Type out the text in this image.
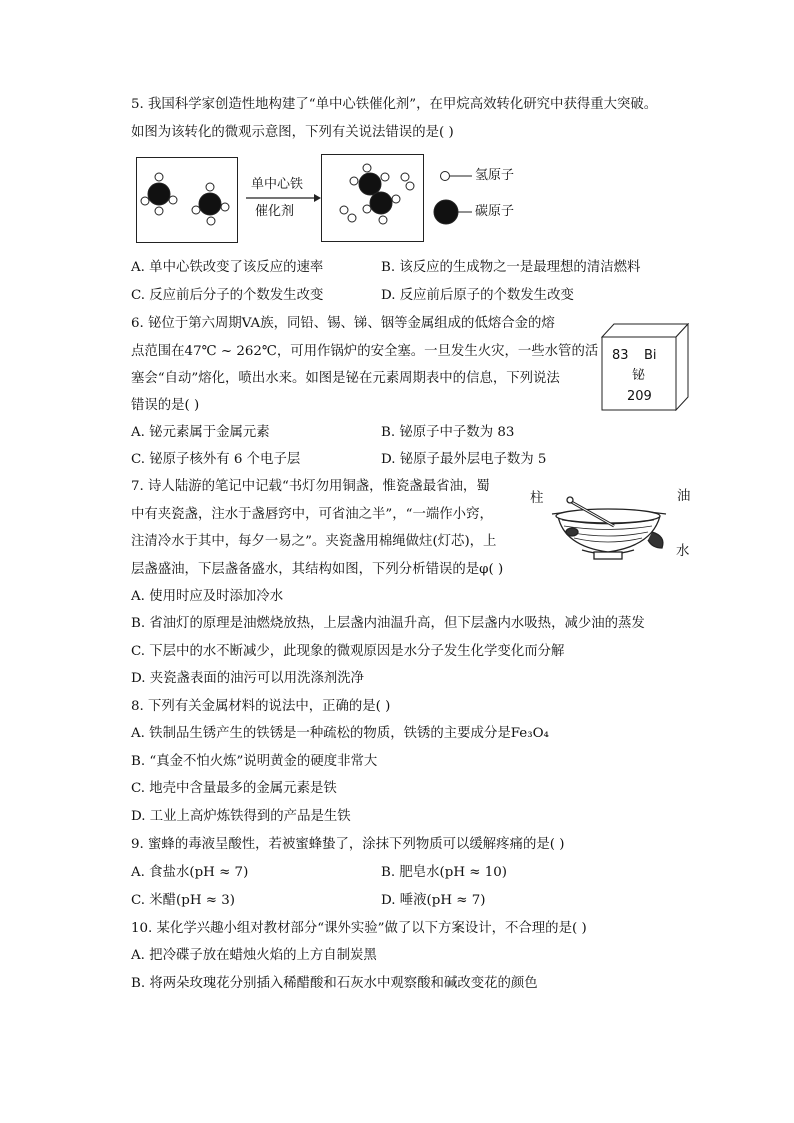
5. 我国科学家创造性地构建了“单中心铁催化剂”，在甲烷高效转化研究中获得重大突破。
如图为该转化的微观示意图，下列有关说法错误的是( )
单中心铁
催化剂
氢原子
碳原子
A. 单中心铁改变了该反应的速率	B. 该反应的生成物之一是最理想的清洁燃料
C. 反应前后分子的个数发生改变	D. 反应前后原子的个数发生改变
6. 铋位于第六周期VA族，同铅、锡、锑、铟等金属组成的低熔合金的熔
点范围在47℃ ~ 262℃，可用作锅炉的安全塞。一旦发生火灾，一些水管的活
塞会“自动”熔化，喷出水来。如图是铋在元素周期表中的信息，下列说法
错误的是( )
83 Bi
铋
209
A. 铋元素属于金属元素	B. 铋原子中子数为 83
C. 铋原子核外有 6 个电子层	D. 铋原子最外层电子数为 5
7. 诗人陆游的笔记中记载“书灯勿用铜盏，惟瓷盏最省油，蜀
中有夹瓷盏，注水于盏唇窍中，可省油之半”，“一端作小窍，
注清冷水于其中，每夕一易之”。夹瓷盏用棉绳做炷(灯芯)，上
层盏盛油，下层盏备盛水，其结构如图，下列分析错误的是φ( )
柱	油
水
A. 使用时应及时添加冷水
B. 省油灯的原理是油燃烧放热，上层盏内油温升高，但下层盏内水吸热，减少油的蒸发
C. 下层中的水不断减少，此现象的微观原因是水分子发生化学变化而分解
D. 夹瓷盏表面的油污可以用洗涤剂洗净
8. 下列有关金属材料的说法中，正确的是( )
A. 铁制品生锈产生的铁锈是一种疏松的物质，铁锈的主要成分是Fe₃O₄
B. “真金不怕火炼”说明黄金的硬度非常大
C. 地壳中含量最多的金属元素是铁
D. 工业上高炉炼铁得到的产品是生铁
9. 蜜蜂的毒液呈酸性，若被蜜蜂蛰了，涂抹下列物质可以缓解疼痛的是( )
A. 食盐水(pH ≈ 7)	B. 肥皂水(pH ≈ 10)
C. 米醋(pH ≈ 3)	D. 唾液(pH ≈ 7)
10. 某化学兴趣小组对教材部分“课外实验”做了以下方案设计，不合理的是( )
A. 把冷碟子放在蜡烛火焰的上方自制炭黑
B. 将两朵玫瑰花分别插入稀醋酸和石灰水中观察酸和碱改变花的颜色
